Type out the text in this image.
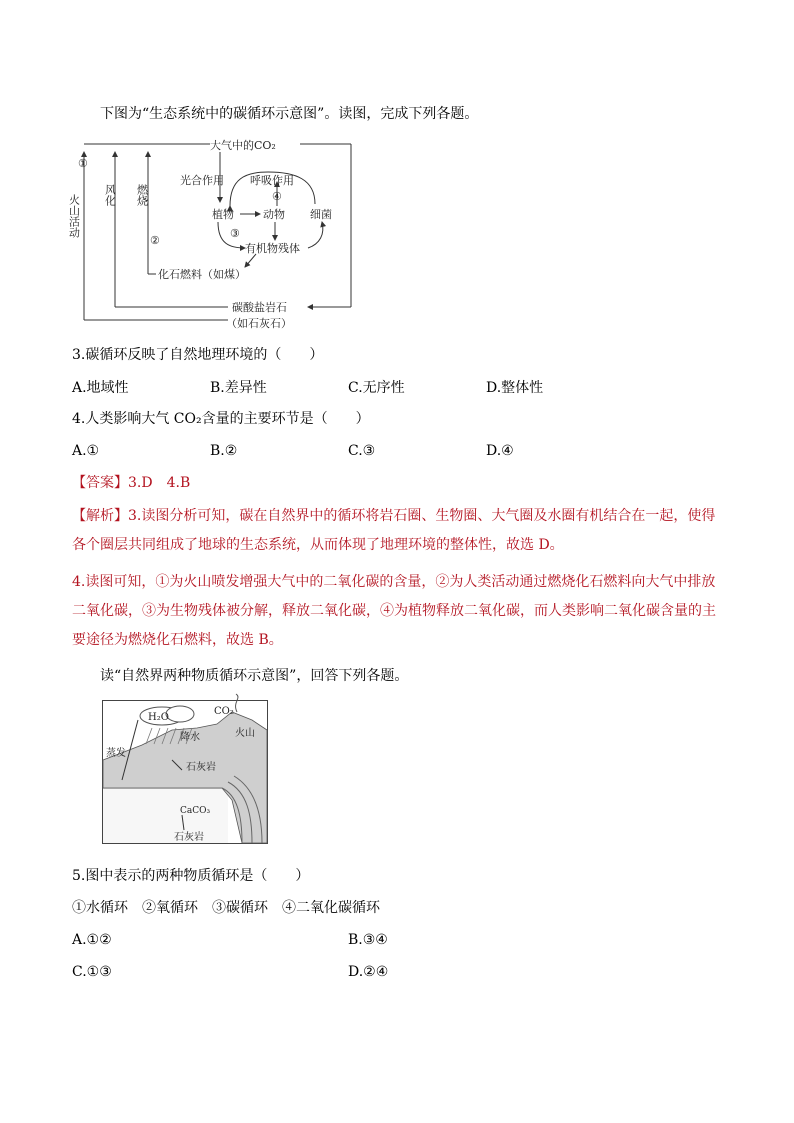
下图为“生态系统中的碳循环示意图”。读图，完成下列各题。
大气中的CO₂
①
火山活动 风化 燃烧
②
光合作用 呼吸作用
④
植物	动物 细菌
③
有机物残体
化石燃料（如煤）
碳酸盐岩石
（如石灰石）
3.碳循环反映了自然地理环境的（　　）
A.地域性	B.差异性	C.无序性	D.整体性
4.人类影响大气 CO₂含量的主要环节是（　　）
A.①	B.②	C.③	D.④
【答案】3.D　4.B
【解析】3.读图分析可知，碳在自然界中的循环将岩石圈、生物圈、大气圈及水圈有机结合在一起，使得各个圈层共同组成了地球的生态系统，从而体现了地理环境的整体性，故选 D。
4.读图可知，①为火山喷发增强大气中的二氧化碳的含量，②为人类活动通过燃烧化石燃料向大气中排放二氧化碳，③为生物残体被分解，释放二氧化碳，④为植物释放二氧化碳，而人类影响二氧化碳含量的主要途径为燃烧化石燃料，故选 B。
读“自然界两种物质循环示意图”，回答下列各题。
H₂O
CO₂
蒸发
降水	火山
石灰岩
CaCO₃
石灰岩
5.图中表示的两种物质循环是（　　）
①水循环　②氧循环　③碳循环　④二氧化碳循环
A.①②	B.③④
C.①③	D.②④
